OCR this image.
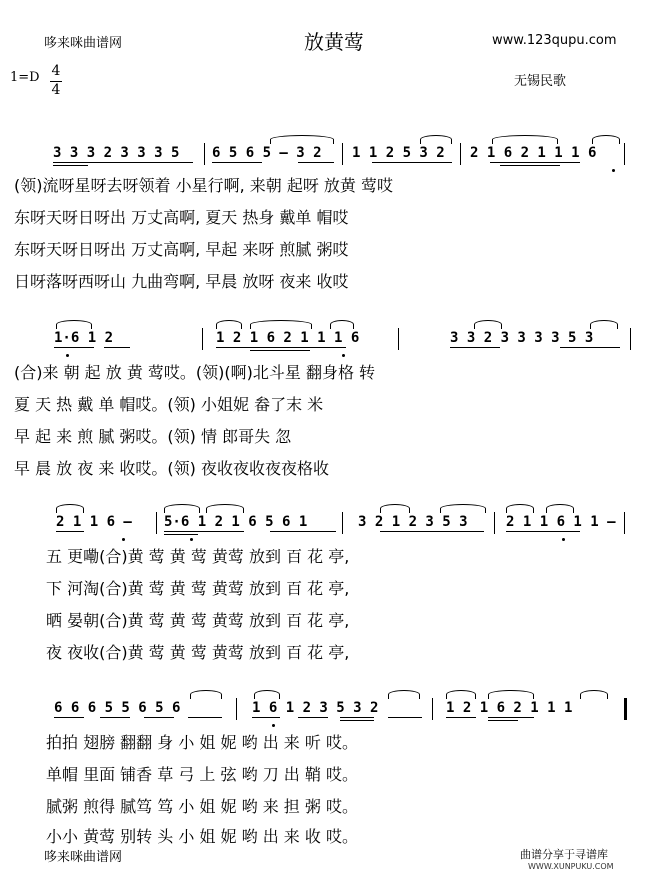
哆来咪曲谱网	放黄莺	www.123qupu.com
1=D 4
4
无锡民歌
3 3 3 2 3 3 3 5 6 5 6 5 – 3 2 1 1 2 5 3 2 2 1 6 2 1 1 1 6
(领)流呀星呀去呀领着 小星行啊, 来朝 起呀 放黄 莺哎
东呀天呀日呀出 万丈高啊, 夏天 热身 戴单 帽哎
东呀天呀日呀出 万丈高啊, 早起 来呀 煎腻 粥哎
日呀落呀西呀山 九曲弯啊, 早晨 放呀 夜来 收哎
1·6 1 2	1 2 1 6 2 1 1 1 6	3 3 2 3 3 3 3 5 3
(合)来 朝 起 放 黄 莺哎。(领)(啊)北斗星 翻身格 转
夏 天 热 戴 单 帽哎。(领) 小姐妮 畚了末 米
早 起 来 煎 腻 粥哎。(领) 情 郎哥失 忽
早 晨 放 夜 来 收哎。(领) 夜收夜收夜夜格收
2 1 1 6 – 5·6 1 2 1 6 5 6 1	3 2 1 2 3 5 3	2 1 1 6 1 1 –
五 更嘞(合)黄 莺 黄 莺 黄莺 放到 百 花 亭,
下 河淘(合)黄 莺 黄 莺 黄莺 放到 百 花 亭,
晒 晏朝(合)黄 莺 黄 莺 黄莺 放到 百 花 亭,
夜 夜收(合)黄 莺 黄 莺 黄莺 放到 百 花 亭,
6 6 6 5 5 6 5 6	1 6 1 2 3 5 3 2	1 2 1 6 2 1 1 1
拍拍 翅膀 翻翻 身 小 姐 妮 哟 出 来 听 哎。
单帽 里面 铺香 草 弓 上 弦 哟 刀 出 鞘 哎。
腻粥 煎得 腻笃 笃 小 姐 妮 哟 来 担 粥 哎。
小小 黄莺 别转 头 小 姐 妮 哟 出 来 收 哎。
哆来咪曲谱网	曲谱分享于寻谱库
WWW.XUNPUKU.COM
